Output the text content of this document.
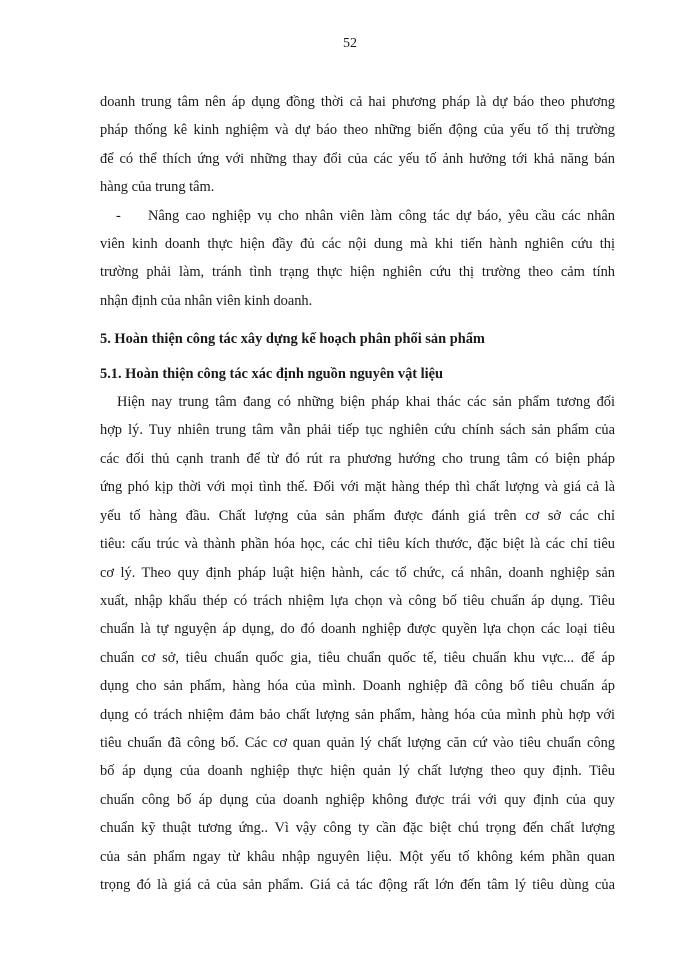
52
doanh trung tâm nên áp dụng đồng thời cả hai phương pháp là dự báo theo phương
pháp thống kê kinh nghiệm và dự báo theo những biến động của yếu tố thị trường
để có thể thích ứng với những thay đổi của các yếu tố ảnh hưởng tới khả năng bán
hàng của trung tâm.
- Nâng cao nghiệp vụ cho nhân viên làm công tác dự báo, yêu cầu các nhân
viên kinh doanh thực hiện đầy đủ các nội dung mà khi tiến hành nghiên cứu thị
trường phải làm, tránh tình trạng thực hiện nghiên cứu thị trường theo cảm tính
nhận định của nhân viên kinh doanh.
5. Hoàn thiện công tác xây dựng kế hoạch phân phối sản phẩm
5.1. Hoàn thiện công tác xác định nguồn nguyên vật liệu
Hiện nay trung tâm đang có những biện pháp khai thác các sản phẩm tương đối
hợp lý. Tuy nhiên trung tâm vẫn phải tiếp tục nghiên cứu chính sách sản phẩm của
các đối thủ cạnh tranh để từ đó rút ra phương hướng cho trung tâm có biện pháp
ứng phó kịp thời với mọi tình thế. Đối với mặt hàng thép thì chất lượng và giá cả là
yếu tố hàng đầu. Chất lượng của sản phẩm được đánh giá trên cơ sở các chỉ
tiêu: cấu trúc và thành phần hóa học, các chỉ tiêu kích thước, đặc biệt là các chỉ tiêu
cơ lý. Theo quy định pháp luật hiện hành, các tổ chức, cá nhân, doanh nghiệp sản
xuất, nhập khẩu thép có trách nhiệm lựa chọn và công bố tiêu chuẩn áp dụng. Tiêu
chuẩn là tự nguyện áp dụng, do đó doanh nghiệp được quyền lựa chọn các loại tiêu
chuẩn cơ sở, tiêu chuẩn quốc gia, tiêu chuẩn quốc tế, tiêu chuẩn khu vực... để áp
dụng cho sản phẩm, hàng hóa của mình. Doanh nghiệp đã công bố tiêu chuẩn áp
dụng có trách nhiệm đảm bảo chất lượng sản phẩm, hàng hóa của mình phù hợp với
tiêu chuẩn đã công bố. Các cơ quan quản lý chất lượng căn cứ vào tiêu chuẩn công
bố áp dụng của doanh nghiệp thực hiện quản lý chất lượng theo quy định. Tiêu
chuẩn công bố áp dụng của doanh nghiệp không được trái với quy định của quy
chuẩn kỹ thuật tương ứng.. Vì vậy công ty cần đặc biệt chú trọng đến chất lượng
của sản phẩm ngay từ khâu nhập nguyên liệu. Một yếu tố không kém phần quan
trọng đó là giá cả của sản phẩm. Giá cả tác động rất lớn đến tâm lý tiêu dùng của
